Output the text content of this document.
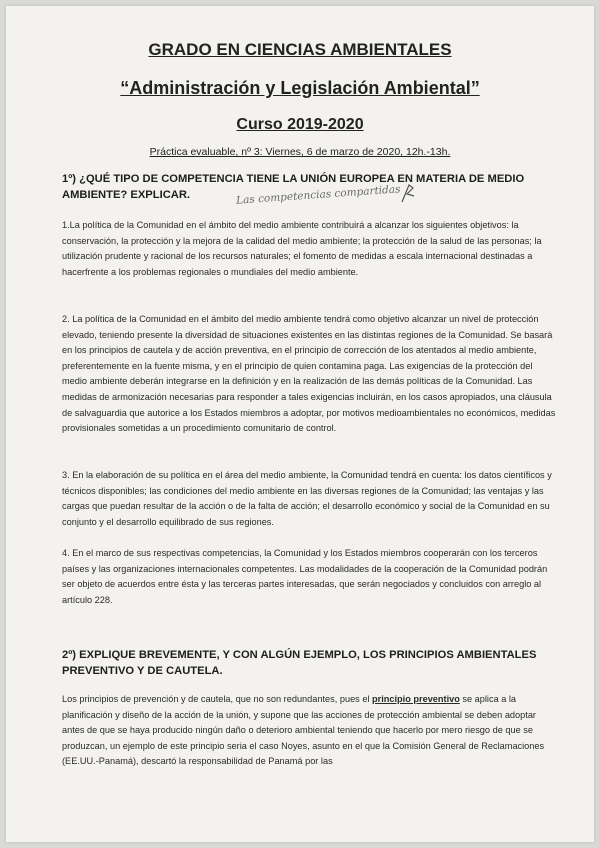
GRADO EN CIENCIAS AMBIENTALES
“Administración y Legislación Ambiental”
Curso 2019-2020
Práctica evaluable, nº 3: Viernes, 6 de marzo de 2020, 12h.-13h.
1º) ¿QUÉ TIPO DE COMPETENCIA TIENE LA UNIÓN EUROPEA EN MATERIA DE MEDIO
AMBIENTE? EXPLICAR.	Las competencias compartidas
1.La política de la Comunidad en el ámbito del medio ambiente contribuirá a alcanzar los siguientes objetivos: la conservación, la protección y la mejora de la calidad del medio ambiente; la protección de la salud de las personas; la utilización prudente y racional de los recursos naturales; el fomento de medidas a escala internacional destinadas a hacerfrente a los problemas regionales o mundiales del medio ambiente.
2. La política de la Comunidad en el ámbito del medio ambiente tendrá como objetivo alcanzar un nivel de protección elevado, teniendo presente la diversidad de situaciones existentes en las distintas regiones de la Comunidad. Se basará en los principios de cautela y de acción preventiva, en el principio de corrección de los atentados al medio ambiente, preferentemente en la fuente misma, y en el principio de quien contamina paga. Las exigencias de la protección del medio ambiente deberán integrarse en la definición y en la realización de las demás políticas de la Comunidad. Las medidas de armonización necesarias para responder a tales exigencias incluirán, en los casos apropiados, una cláusula de salvaguardia que autorice a los Estados miembros a adoptar, por motivos medioambientales no económicos, medidas provisionales sometidas a un procedimiento comunitario de control.
3. En la elaboración de su política en el área del medio ambiente, la Comunidad tendrá en cuenta: los datos científicos y técnicos disponibles; las condiciones del medio ambiente en las diversas regiones de la Comunidad; las ventajas y las cargas que puedan resultar de la acción o de la falta de acción; el desarrollo económico y social de la Comunidad en su conjunto y el desarrollo equilibrado de sus regiones.
4. En el marco de sus respectivas competencias, la Comunidad y los Estados miembros cooperarán con los terceros países y las organizaciones internacionales competentes. Las modalidades de la cooperación de la Comunidad podrán ser objeto de acuerdos entre ésta y las terceras partes interesadas, que serán negociados y concluidos con arreglo al artículo 228.
2º) EXPLIQUE BREVEMENTE, Y CON ALGÚN EJEMPLO, LOS PRINCIPIOS AMBIENTALES
PREVENTIVO Y DE CAUTELA.
Los principios de prevención y de cautela, que no son redundantes, pues el principio preventivo se aplica a la planificación y diseño de la acción de la unión, y supone que las acciones de protección ambiental se deben adoptar antes de que se haya producido ningún daño o deterioro ambiental teniendo que hacerlo por mero riesgo de que se produzcan, un ejemplo de este principio seria el caso Noyes, asunto en el que la Comisión General de Reclamaciones (EE.UU.-Panamá), descartó la responsabilidad de Panamá por las
